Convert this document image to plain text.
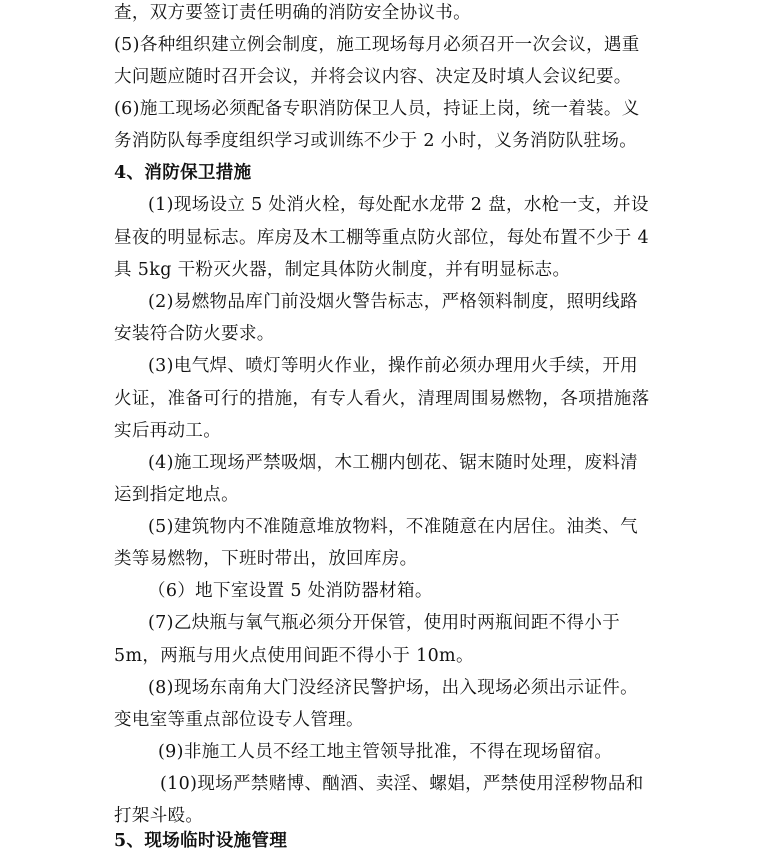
查，双方要签订责任明确的消防安全协议书。
(5)各种组织建立例会制度，施工现场每月必须召开一次会议，遇重
大问题应随时召开会议，并将会议内容、决定及时填人会议纪要。
(6)施工现场必须配备专职消防保卫人员，持证上岗，统一着装。义
务消防队每季度组织学习或训练不少于 2 小时，义务消防队驻场。
4、消防保卫措施
(1)现场设立 5 处消火栓，每处配水龙带 2 盘，水枪一支，并设
昼夜的明显标志。库房及木工棚等重点防火部位，每处布置不少于 4
具 5kg 干粉灭火器，制定具体防火制度，并有明显标志。
(2)易燃物品库门前没烟火警告标志，严格领料制度，照明线路
安装符合防火要求。
(3)电气焊、喷灯等明火作业，操作前必须办理用火手续，开用
火证，准备可行的措施，有专人看火，清理周围易燃物，各项措施落
实后再动工。
(4)施工现场严禁吸烟，木工棚内刨花、锯末随时处理，废料清
运到指定地点。
(5)建筑物内不准随意堆放物料，不准随意在内居住。油类、气
类等易燃物，下班时带出，放回库房。
（6）地下室设置 5 处消防器材箱。
(7)乙炔瓶与氧气瓶必须分开保管，使用时两瓶间距不得小于
5m，两瓶与用火点使用间距不得小于 10m。
(8)现场东南角大门没经济民警护场，出入现场必须出示证件。
变电室等重点部位设专人管理。
(9)非施工人员不经工地主管领导批准，不得在现场留宿。
(10)现场严禁赌博、酗酒、卖淫、螺娼，严禁使用淫秽物品和
打架斗殴。
5、现场临时设施管理
